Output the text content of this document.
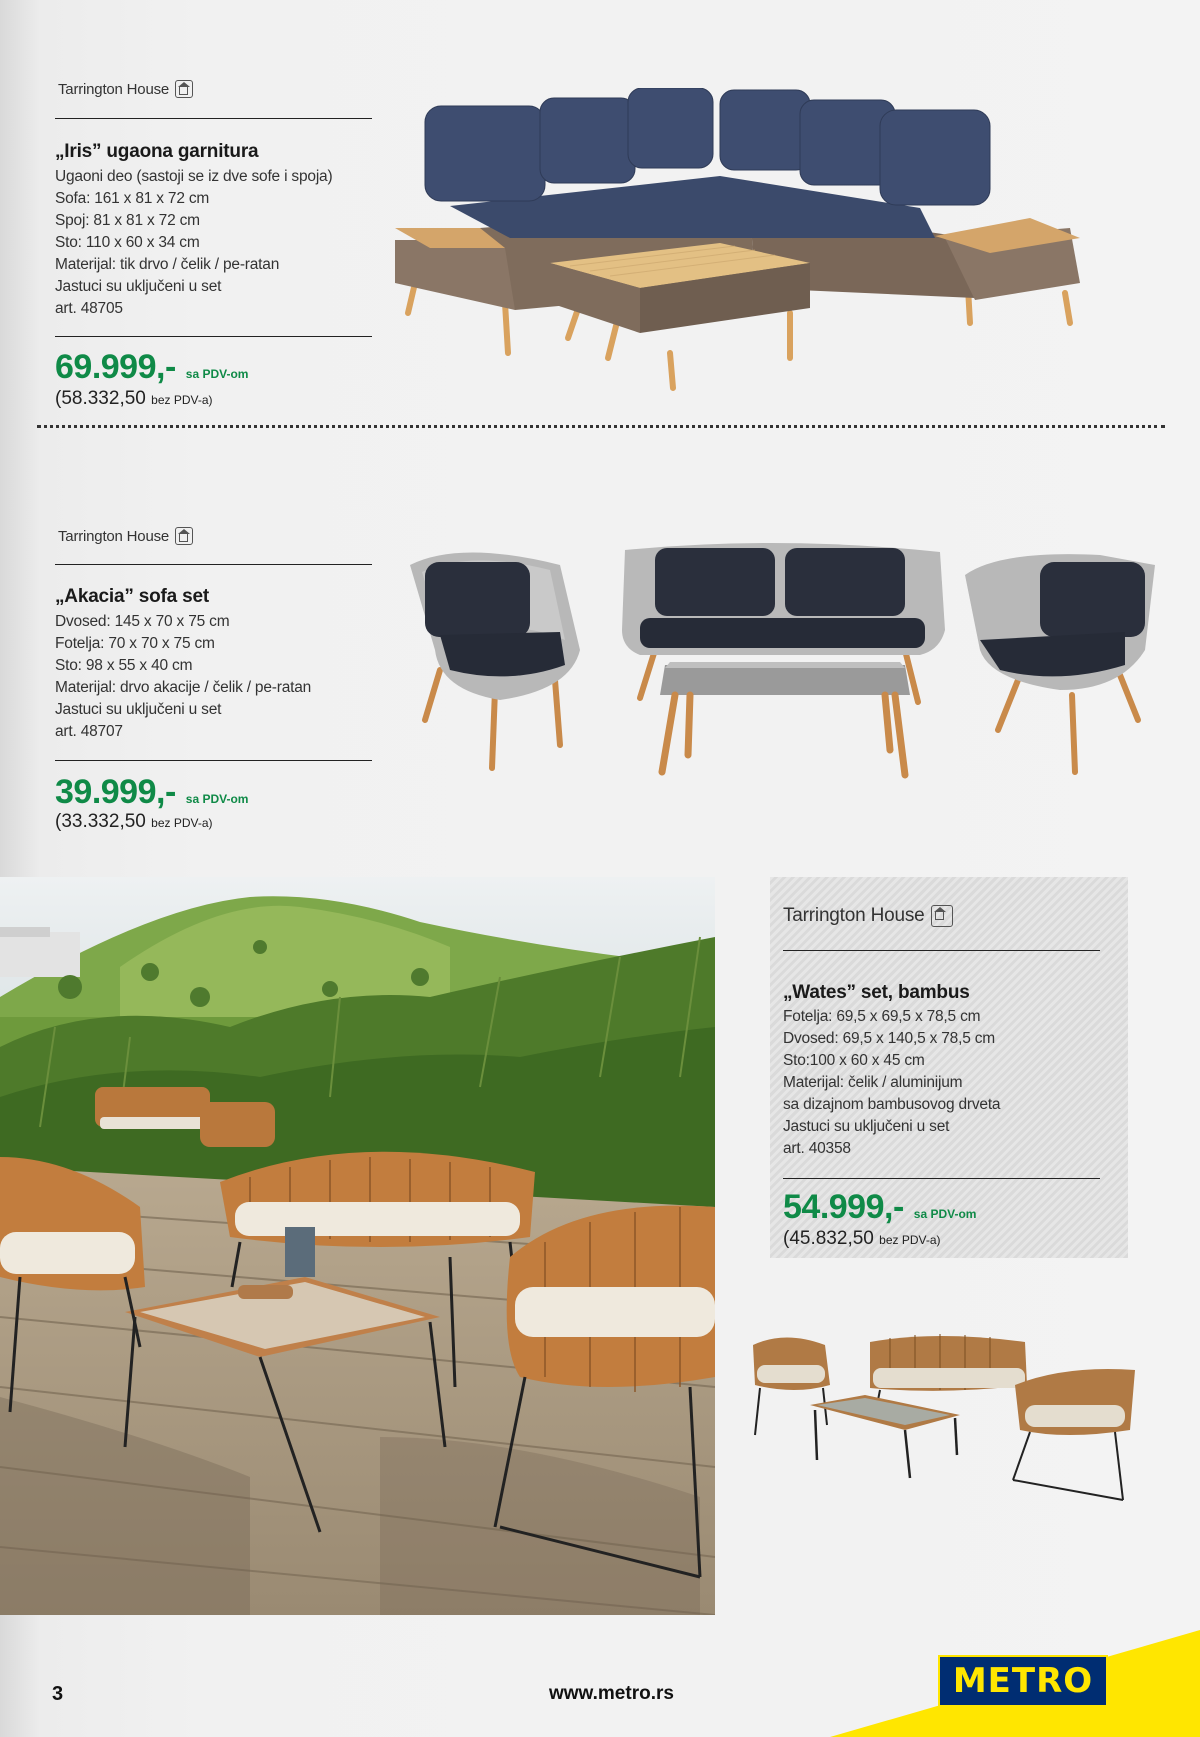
Tarrington House
„Iris” ugaona garnitura
Ugaoni deo (sastoji se iz dve sofe i spoja)
Sofa: 161 x 81 x 72 cm
Spoj: 81 x 81 x 72 cm
Sto: 110 x 60 x 34 cm
Materijal: tik drvo / čelik / pe-ratan
Jastuci su uključeni u set
art. 48705
69.999,- sa PDV-om
(58.332,50 bez PDV-a)
Tarrington House
„Akacia” sofa set
Dvosed: 145 x 70 x 75 cm
Fotelja: 70 x 70 x 75 cm
Sto: 98 x 55 x 40 cm
Materijal: drvo akacije / čelik / pe-ratan
Jastuci su uključeni u set
art. 48707
39.999,- sa PDV-om
(33.332,50 bez PDV-a)
Tarrington House
„Wates” set, bambus
Fotelja: 69,5 x 69,5 x 78,5 cm
Dvosed: 69,5 x 140,5 x 78,5 cm
Sto:100 x 60 x 45 cm
Materijal: čelik / aluminijum
sa dizajnom bambusovog drveta
Jastuci su uključeni u set
art. 40358
54.999,- sa PDV-om
(45.832,50 bez PDV-a)
3	www.metro.rs	METRO
